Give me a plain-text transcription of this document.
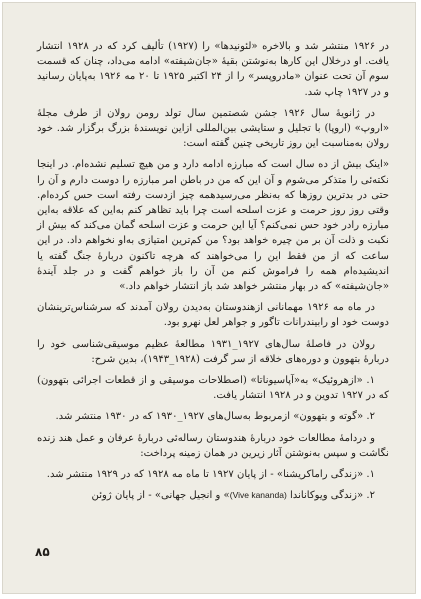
در ۱۹۲۶ منتشر شد و بالاخره «لئونیدها» را (۱۹۲۷) تألیف کرد که در ۱۹۲۸ انتشار یافت. او درخلال این کارها به‌نوشتن بقیهٔ «جان‌شیفته» ادامه می‌داد، چنان که قسمت سوم آن تحت عنوان «مادروپسر» را از ۲۴ اکتبر ۱۹۲۵ تا ۲۰ مه ۱۹۲۶ به‌پایان رسانید و در ۱۹۲۷ چاپ شد.

در ژانویهٔ سال ۱۹۲۶ جشن شصتمین سال تولد رومن رولان از طرف مجلهٔ «اروپ» (اروپا) با تجلیل و ستایشی بین‌المللی ازاین نویسندهٔ بزرگ برگزار شد. خود رولان به‌مناسبت این روز تاریخی چنین گفته است:

«اینک بیش از ده سال است که مبارزه ادامه دارد و من هیچ تسلیم نشده‌ام. در اینجا نکته‌ئی را متذکر می‌شوم و آن این که من در باطن امر مبارزه را دوست دارم و آن را حتی در بدترین روزها که به‌نظر می‌رسیدهمه چیز ازدست رفته است حس کرده‌ام. وقتی روز روز حرمت و عزت اسلحه است چرا باید تظاهر کنم به‌این که علاقه به‌این مبارزه رادر خود حس نمی‌کنم؟ آیا این حرمت و عزت اسلحه گمان می‌کند که بیش از نکبت و ذلت آن بر من چیره خواهد بود؟ من کم‌ترین امتیازی به‌او نخواهم داد. در این ساعت که از من فقط این را می‌خواهند که هرچه تاکنون دربارهٔ جنگ گفته یا اندیشیده‌ام همه را فراموش کنم من آن را باز خواهم گفت و در جلد آیندهٔ «جان‌شیفته» که در بهار منتشر خواهد شد باز انتشار خواهم داد.»

در ماه مه ۱۹۲۶ مهمانانی ازهندوستان به‌دیدن رولان آمدند که سرشناس‌ترینشان دوست خود او رابیندرانات تاگور و جواهر لعل نهرو بود.

رولان در فاصلهٔ سال‌های ۱۹۲۷_۱۹۳۱ مطالعهٔ عظیم موسیقی‌شناسی خود را دربارهٔ بتهوون و دوره‌های خلاقه از سر گرفت (۱۹۲۸_۱۹۴۳)، بدین شرح:

۱. «ازهروئیک» به«آپاسیوناتا» (اصطلاحات موسیقی و از قطعات اجرائی بتهوون) که در ۱۹۲۷ تدوین و در ۱۹۲۸ انتشار یافت.

۲. «گوته و بتهوون» ازمربوط به‌سال‌های ۱۹۲۷_۱۹۳۰ که در ۱۹۳۰ منتشر شد.

و دردامهٔ مطالعات خود دربارهٔ هندوستان رساله‌ئی دربارهٔ عرفان و عمل هند زنده نگاشت و سپس به‌نوشتن آثار زیرین در همان زمینه پرداخت:

۱. «زندگی راماکریشنا» - از پایان ۱۹۲۷ تا ماه مه ۱۹۲۸ که در ۱۹۲۹ منتشر شد.

۲. «زندگی ویوکاناندا (Vive kananda)» و انجیل جهانی» - از پایان ژوئن

۸۵
